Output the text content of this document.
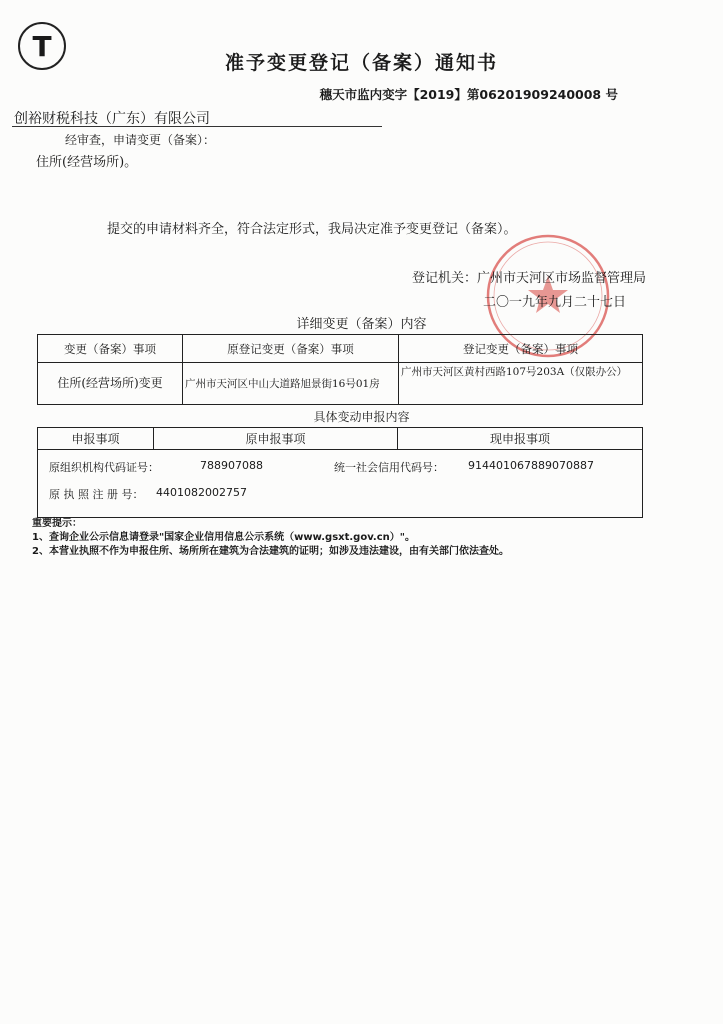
T
准予变更登记（备案）通知书
穗天市监内变字【2019】第06201909240008 号
创裕财税科技（广东）有限公司
经审查，申请变更（备案）：
住所(经营场所)。
提交的申请材料齐全，符合法定形式，我局决定准予变更登记（备案）。
登记机关：广州市天河区市场监督管理局
二〇一九年九月二十七日
详细变更（备案）内容
变更（备案）事项	原登记变更（备案）事项	登记变更（备案）事项
住所(经营场所)变更	广州市天河区中山大道路旭景街16号01房	广州市天河区黄村西路107号203A（仅限办公）
具体变动申报内容
申报事项	原申报事项	现申报事项

原组织机构代码证号：	788907088	统一社会信用代码号： 914401067889070887
原 执 照 注 册 号： 4401082002757
重要提示：
1、查询企业公示信息请登录"国家企业信用信息公示系统（www.gsxt.gov.cn）"。
2、本营业执照不作为申报住所、场所所在建筑为合法建筑的证明；如涉及违法建设，由有关部门依法查处。
